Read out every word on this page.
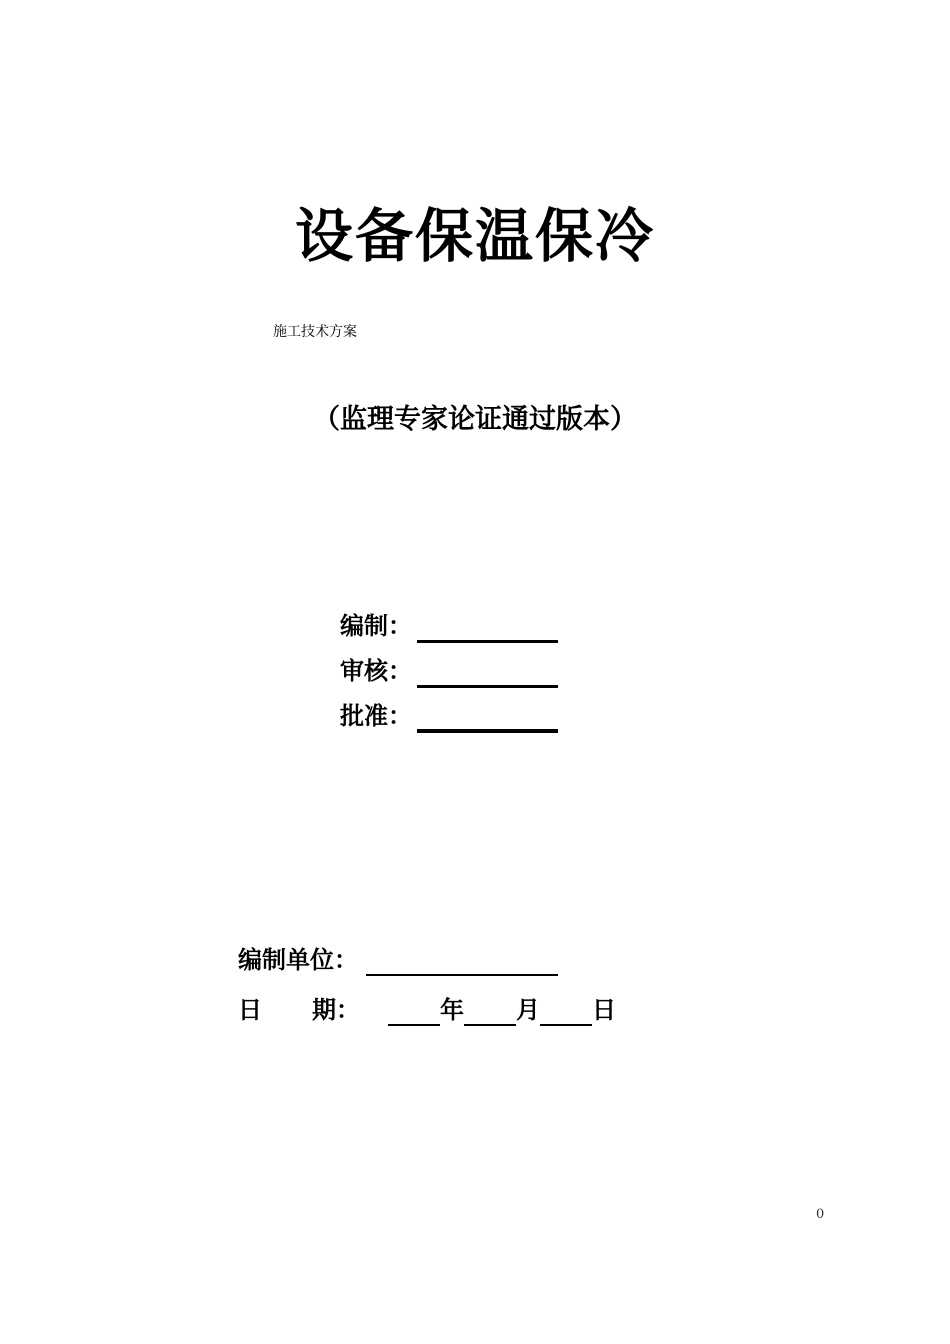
设备保温保冷
施工技术方案
（监理专家论证通过版本）
编制：
审核：
批准：
编制单位：
日 期：	年 月 日
0
